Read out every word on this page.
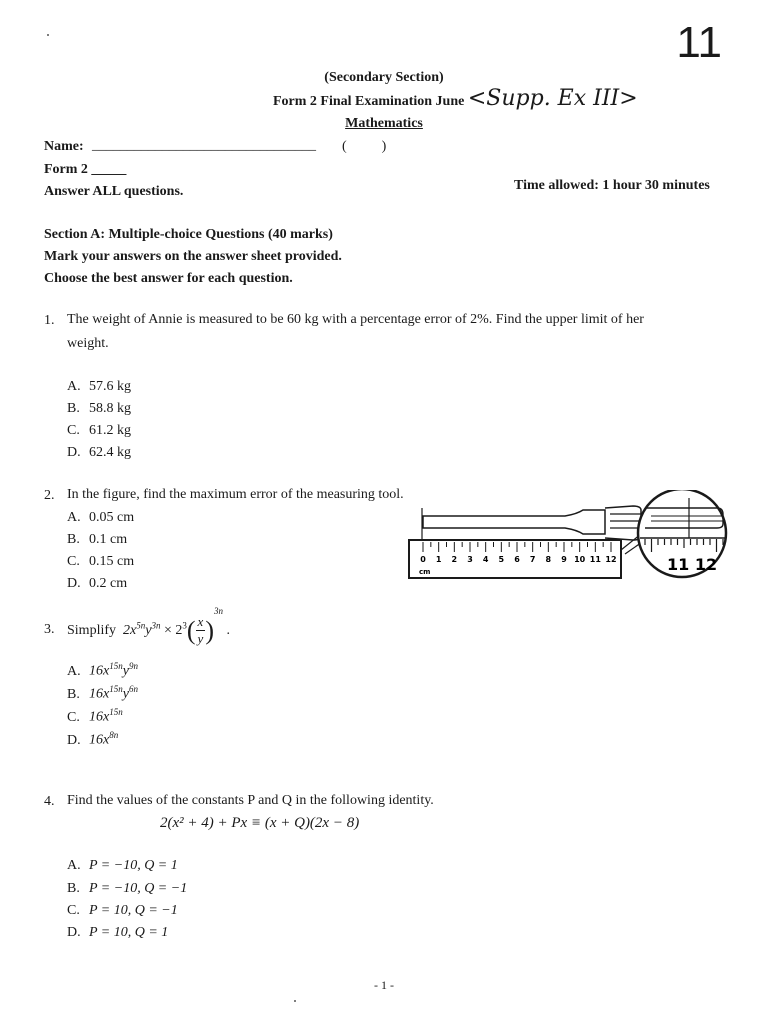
11
(Secondary Section)
Form 2 Final Examination June <Supp. Ex III>
Mathematics
Name: ________________________________ (          )
Form 2 _____
Answer ALL questions.	Time allowed: 1 hour 30 minutes
Section A: Multiple-choice Questions (40 marks)
Mark your answers on the answer sheet provided.
Choose the best answer for each question.
1. The weight of Annie is measured to be 60 kg with a percentage error of 2%. Find the upper limit of her
weight.
A. 57.6 kg
B. 58.8 kg
C. 61.2 kg
D. 62.4 kg
2. In the figure, find the maximum error of the measuring tool.
A. 0.05 cm
B. 0.1 cm
C. 0.15 cm
D. 0.2 cm
0 1 2 3 4 5 6 7 8 9 10 11 12
cm	11 12
3. Simplify $2x^{5n}y^{3n} \times 2^3( \frac{x}{y} )^{3n}$ .
A. $16x^{15n}y^{9n}$
B. $16x^{15n}y^{6n}$
C. $16x^{15n}$
D. $16x^{8n}$
4. Find the values of the constants P and Q in the following identity.
2(x² + 4) + Px ≡ (x + Q)(2x − 8)
A. P = −10, Q = 1
B. P = −10, Q = −1
C. P = 10, Q = −1
D. P = 10, Q = 1
- 1 -
